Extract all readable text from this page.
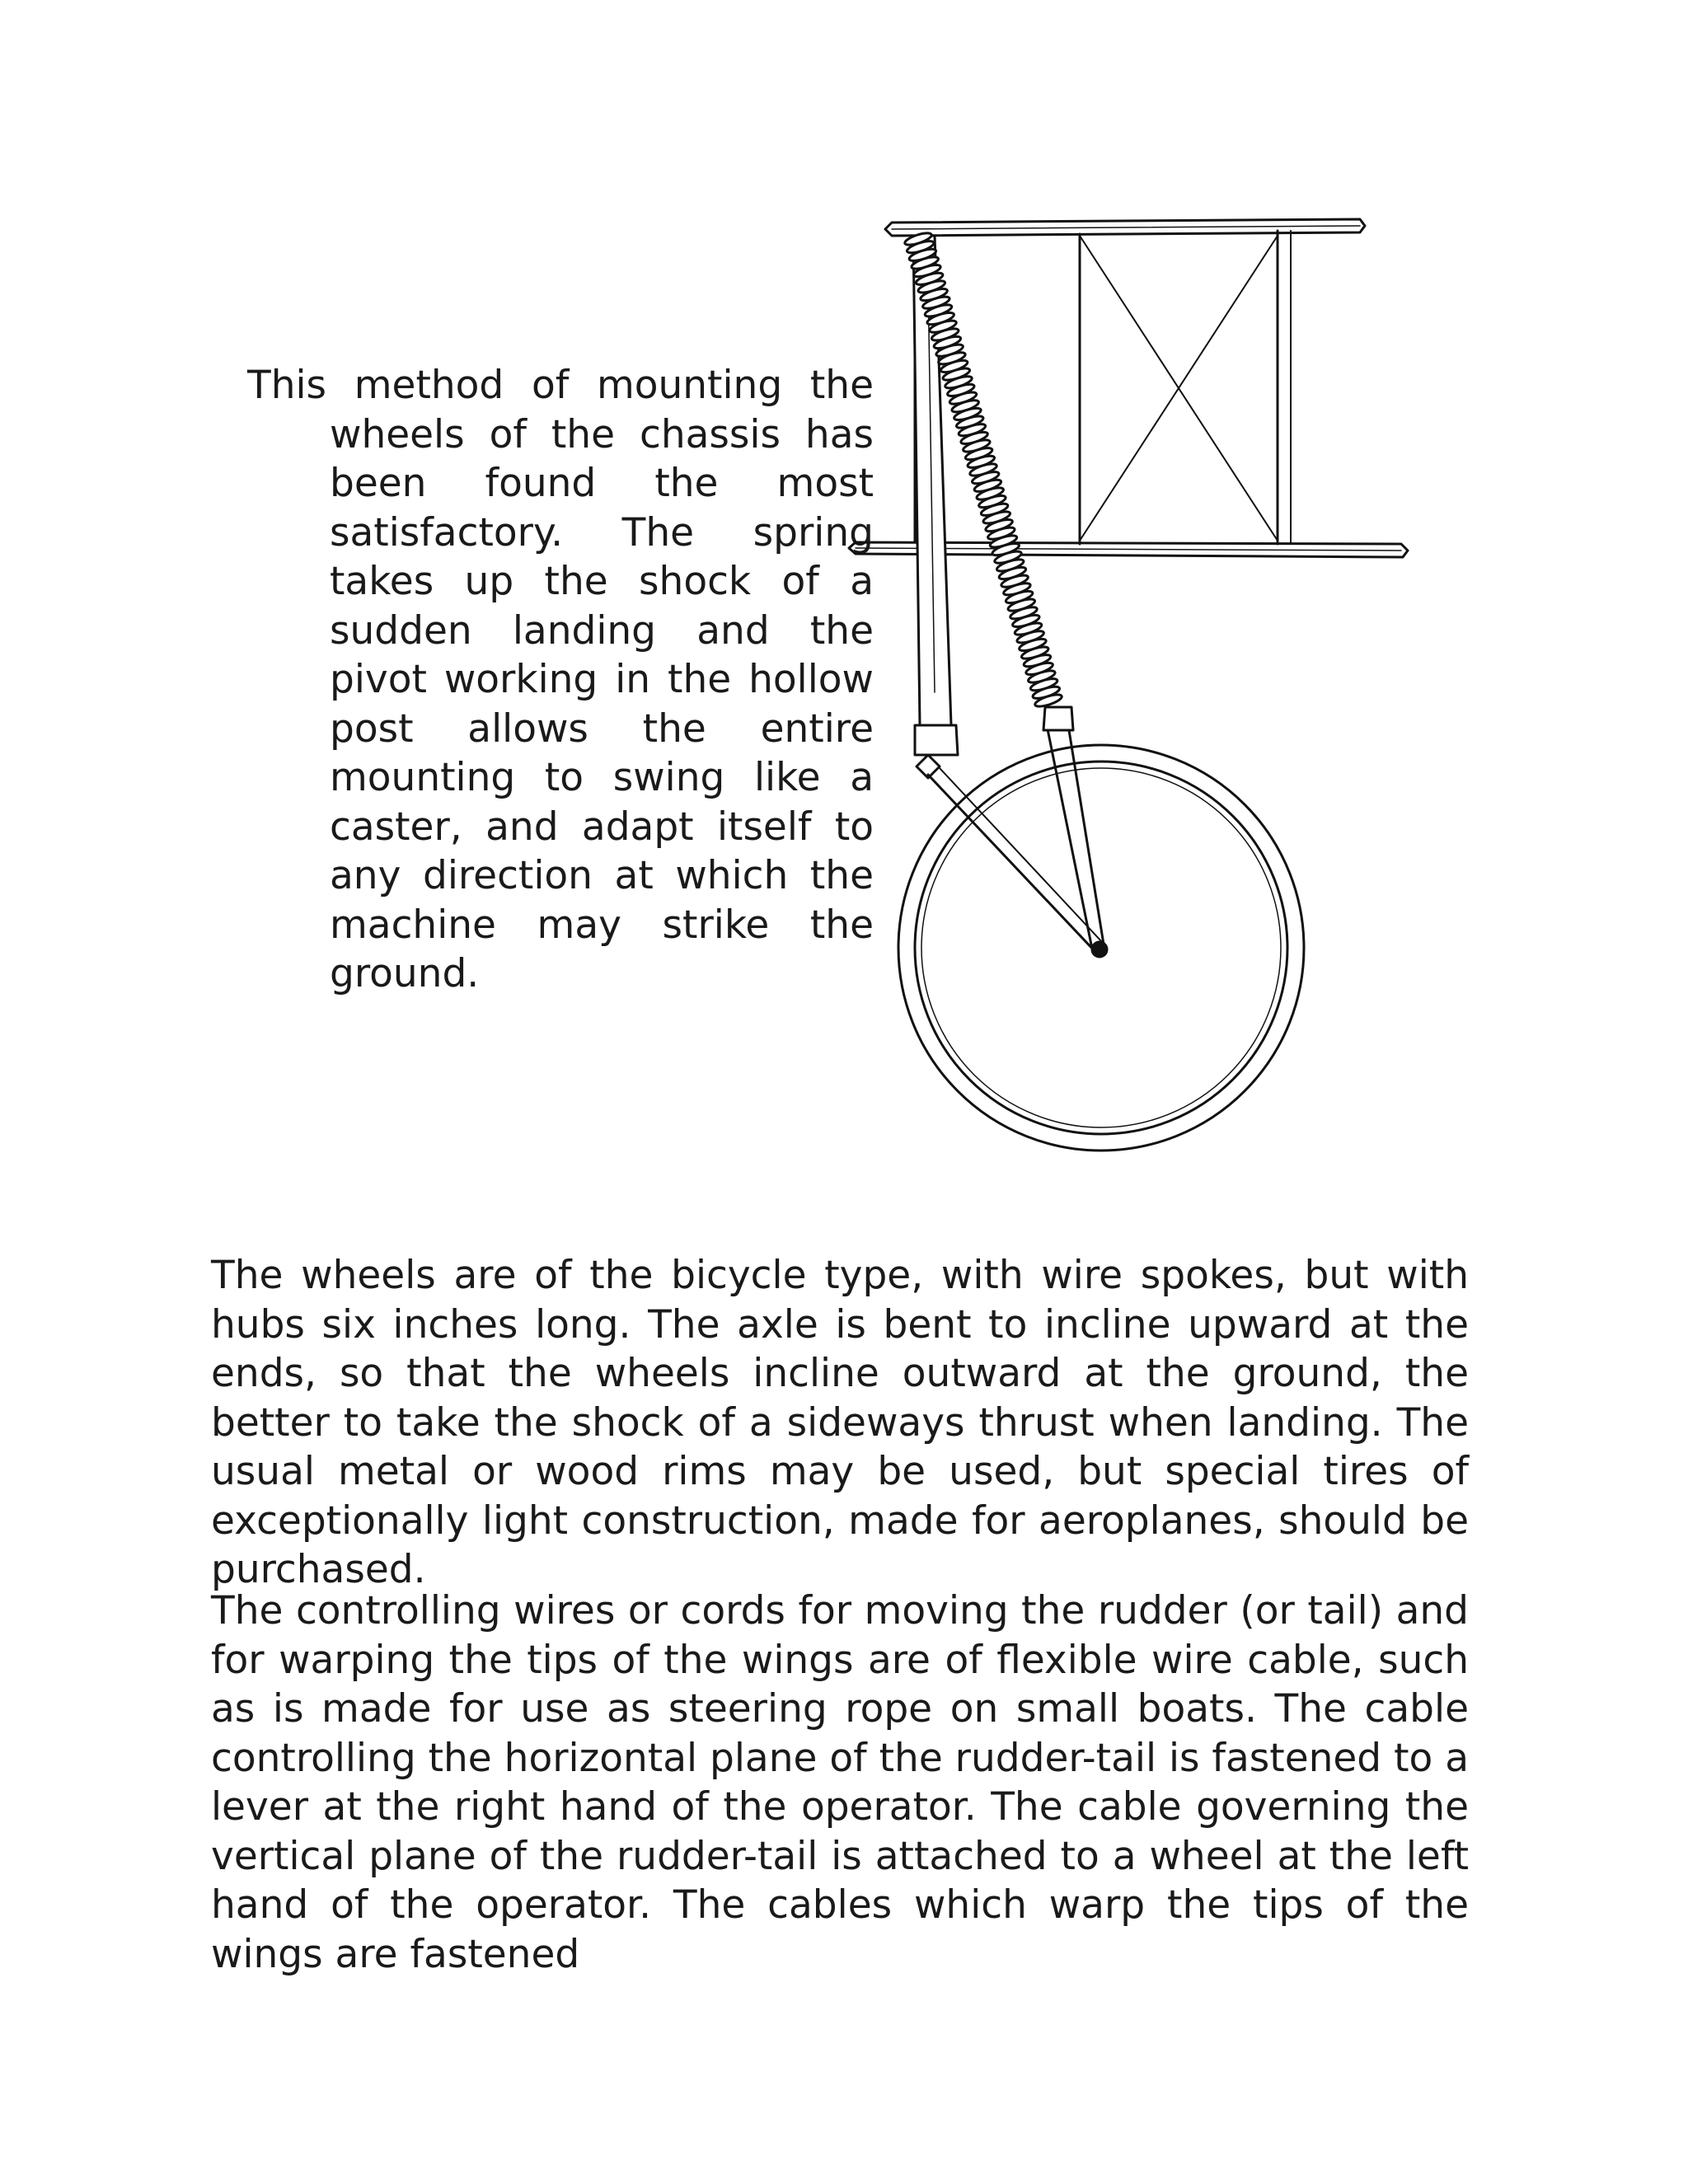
This method of mounting the wheels of the chassis has been found the most satisfactory. The spring takes up the shock of a sudden landing and the pivot working in the hollow post allows the entire mounting to swing like a caster, and adapt itself to any direction at which the machine may strike the ground.

The wheels are of the bicycle type, with wire spokes, but with hubs six inches long. The axle is bent to incline upward at the ends, so that the wheels incline outward at the ground, the better to take the shock of a sideways thrust when landing. The usual metal or wood rims may be used, but special tires of exceptionally light construction, made for aeroplanes, should be purchased.

The controlling wires or cords for moving the rudder (or tail) and for warping the tips of the wings are of flexible wire cable, such as is made for use as steering rope on small boats. The cable controlling the horizontal plane of the rudder-tail is fastened to a lever at the right hand of the operator. The cable governing the vertical plane of the rudder-tail is attached to a wheel at the left hand of the operator. The cables which warp the tips of the wings are fastened
